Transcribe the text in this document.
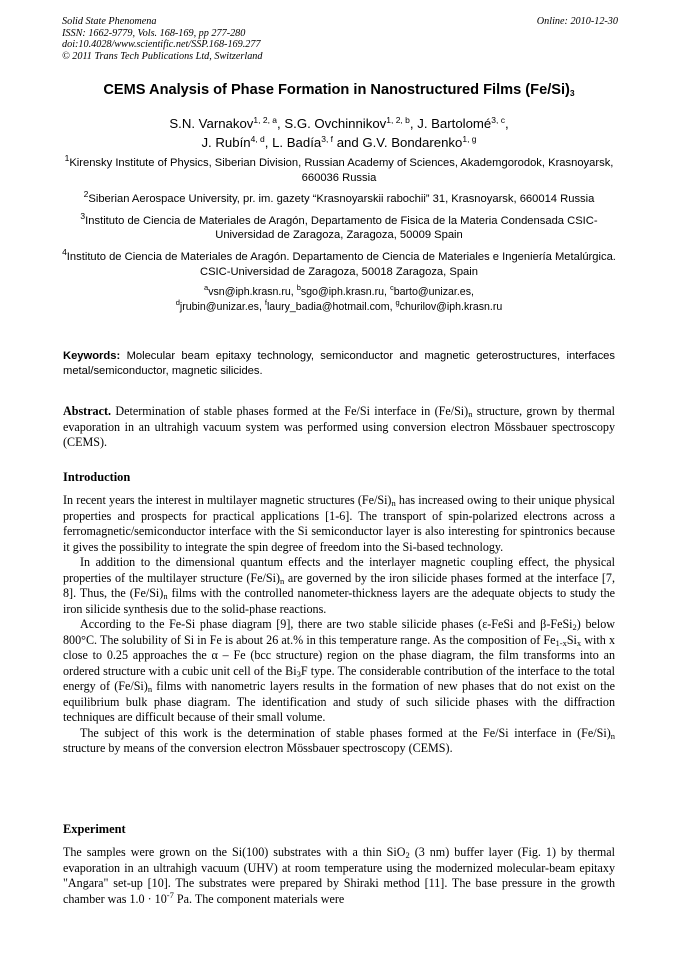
Solid State Phenomena
ISSN: 1662-9779, Vols. 168-169, pp 277-280
doi:10.4028/www.scientific.net/SSP.168-169.277
© 2011 Trans Tech Publications Ltd, Switzerland
Online: 2010-12-30
CEMS Analysis of Phase Formation in Nanostructured Films $(Fe/Si)_3$
S.N. Varnakov$^{1, 2, a}$, S.G. Ovchinnikov$^{1, 2, b}$, J. Bartolomé$^{3, c}$,
J. Rubín$^{4, d}$, L. Badía$^{3, f}$ and G.V. Bondarenko$^{1, g}$
$^1$Kirensky Institute of Physics, Siberian Division, Russian Academy of Sciences, Akademgorodok, Krasnoyarsk, 660036 Russia
$^2$Siberian Aerospace University, pr. im. gazety “Krasnoyarskii rabochii” 31, Krasnoyarsk, 660014 Russia
$^3$Instituto de Ciencia de Materiales de Aragón, Departamento de Fisica de la Materia Condensada CSIC-Universidad de Zaragoza, Zaragoza, 50009 Spain
$^4$Instituto de Ciencia de Materiales de Aragón. Departamento de Ciencia de Materiales e Ingeniería Metalúrgica. CSIC-Universidad de Zaragoza, 50018 Zaragoza, Spain
$^a$vsn@iph.krasn.ru, $^b$sgo@iph.krasn.ru, $^c$barto@unizar.es,
$^d$jrubin@unizar.es, $^f$laury_badia@hotmail.com, $^g$churilov@iph.krasn.ru
Keywords: Molecular beam epitaxy technology, semiconductor and magnetic geterostructures, interfaces metal/semiconductor, magnetic silicides.
Abstract. Determination of stable phases formed at the Fe/Si interface in $(Fe/Si)_n$ structure, grown by thermal evaporation in an ultrahigh vacuum system was performed using conversion electron Mössbauer spectroscopy (CEMS).
Introduction

In recent years the interest in multilayer magnetic structures $(Fe/Si)_n$ has increased owing to their unique physical properties and prospects for practical applications [1-6]. The transport of spin-polarized electrons across a ferromagnetic/semiconductor interface with the Si semiconductor layer is also interesting for spintronics because it gives the possibility to integrate the spin degree of freedom into the Si-based technology.

In addition to the dimensional quantum effects and the interlayer magnetic coupling effect, the physical properties of the multilayer structure $(Fe/Si)_n$ are governed by the iron silicide phases formed at the interface [7, 8]. Thus, the $(Fe/Si)_n$ films with the controlled nanometer-thickness layers are the adequate objects to study the iron silicide synthesis due to the solid-phase reactions.

According to the Fe-Si phase diagram [9], there are two stable silicide phases (ε-FeSi and β-FeSi$_2$) below 800°C. The solubility of Si in Fe is about 26 at.% in this temperature range. As the composition of $Fe_{1-x}Si_x$ with x close to 0.25 approaches the α – Fe (bcc structure) region on the phase diagram, the film transforms into an ordered structure with a cubic unit cell of the $Bi_3F$ type. The considerable contribution of the interface to the total energy of $(Fe/Si)_n$ films with nanometric layers results in the formation of new phases that do not exist on the equilibrium bulk phase diagram. The identification and study of such silicide phases with the diffraction techniques are difficult because of their small volume.

The subject of this work is the determination of stable phases formed at the Fe/Si interface in $(Fe/Si)_n$ structure by means of the conversion electron Mössbauer spectroscopy (CEMS).

Experiment

The samples were grown on the Si(100) substrates with a thin SiO$_2$ (3 nm) buffer layer (Fig. 1) by thermal evaporation in an ultrahigh vacuum (UHV) at room temperature using the modernized molecular-beam epitaxy "Angara" set-up [10]. The substrates were prepared by Shiraki method [11]. The base pressure in the growth chamber was $1.0 \cdot 10^{-7}$ Pa. The component materials were
